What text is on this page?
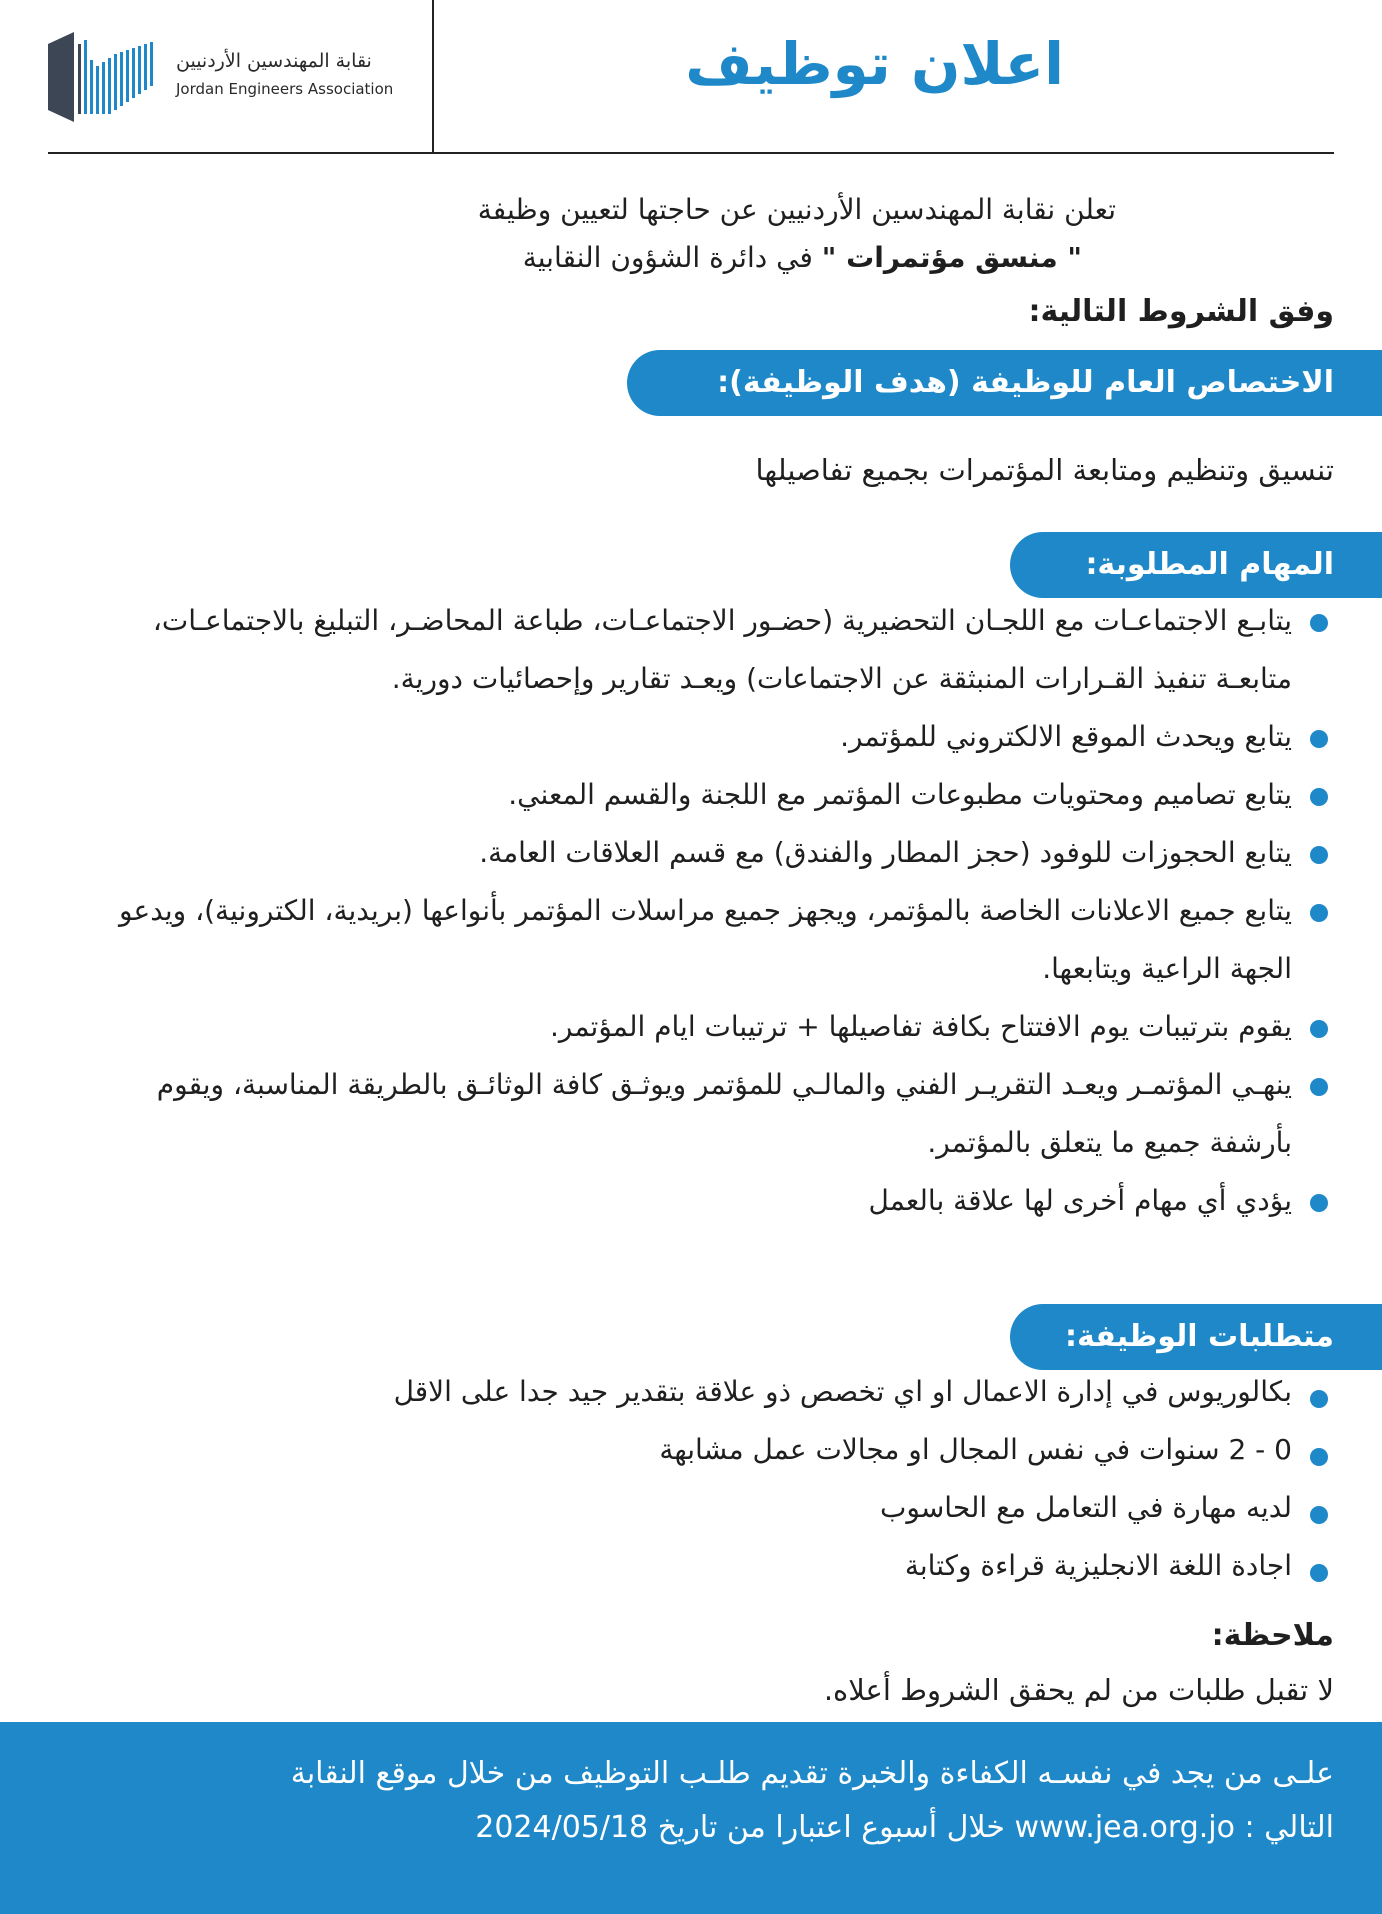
نقابة المهندسين الأردنيين
Jordan Engineers Association	اعلان توظيف

تعلن نقابة المهندسين الأردنيين عن حاجتها لتعيين وظيفة

" منسق مؤتمرات " في دائرة الشؤون النقابية

وفق الشروط التالية:

الاختصاص العام للوظيفة (هدف الوظيفة):

تنسيق وتنظيم ومتابعة المؤتمرات بجميع تفاصيلها

المهام المطلوبة:
يتابـع الاجتماعـات مع اللجـان التحضيرية (حضـور الاجتماعـات، طباعة المحاضـر، التبليغ بالاجتماعـات، متابعـة تنفيذ القـرارات المنبثقة عن الاجتماعات) ويعـد تقارير وإحصائيات دورية.
يتابع ويحدث الموقع الالكتروني للمؤتمر.
يتابع تصاميم ومحتويات مطبوعات المؤتمر مع اللجنة والقسم المعني.
يتابع الحجوزات للوفود (حجز المطار والفندق) مع قسم العلاقات العامة.
يتابع جميع الاعلانات الخاصة بالمؤتمر، ويجهز جميع مراسلات المؤتمر بأنواعها (بريدية، الكترونية)، ويدعو الجهة الراعية ويتابعها.
يقوم بترتيبات يوم الافتتاح بكافة تفاصيلها + ترتيبات ايام المؤتمر.
ينهـي المؤتمـر ويعـد التقريـر الفني والمالـي للمؤتمر ويوثـق كافة الوثائـق بالطريقة المناسبة، ويقوم بأرشفة جميع ما يتعلق بالمؤتمر.
يؤدي أي مهام أخرى لها علاقة بالعمل
متطلبات الوظيفة:
بكالوريوس في إدارة الاعمال او اي تخصص ذو علاقة بتقدير جيد جدا على الاقل
0 - 2 سنوات في نفس المجال او مجالات عمل مشابهة
لديه مهارة في التعامل مع الحاسوب
اجادة اللغة الانجليزية قراءة وكتابة

ملاحظة:

لا تقبل طلبات من لم يحقق الشروط أعلاه.

علـى من يجد في نفسـه الكفاءة والخبرة تقديم طلـب التوظيف من خلال موقع النقابة

التالي : www.jea.org.jo خلال أسبوع اعتبارا من تاريخ 2024/05/18
